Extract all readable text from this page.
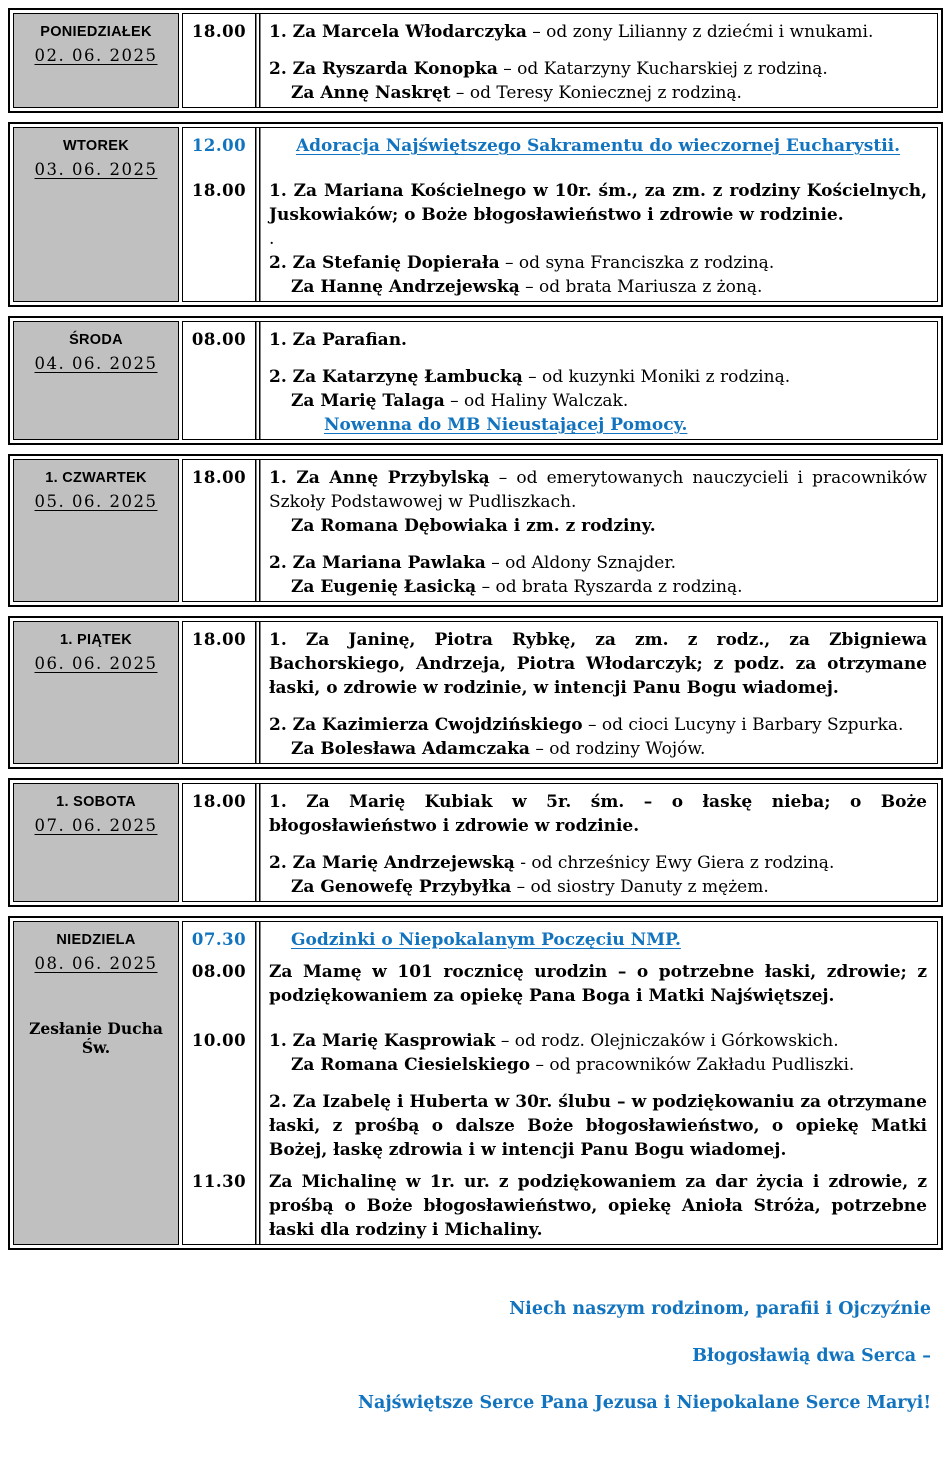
PONIEDZIAŁEK
02. 06. 2025
18.00	1. Za Marcela Włodarczyka – od zony Lilianny z dziećmi i wnukami.

2. Za Ryszarda Konopka – od Katarzyny Kucharskiej z rodziną.

Za Annę Naskręt – od Teresy Koniecznej z rodziną.

WTOREK
03. 06. 2025
12.00	Adoracja Najświętszego Sakramentu do wieczornej Eucharystii.

18.00	1. Za Mariana Kościelnego w 10r. śm., za zm. z rodziny Kościelnych, Juskowiaków; o Boże błogosławieństwo i zdrowie w rodzinie.

.

2. Za Stefanię Dopierała – od syna Franciszka z rodziną.

Za Hannę Andrzejewską – od brata Mariusza z żoną.

ŚRODA
04. 06. 2025
08.00	1. Za Parafian.

2. Za Katarzynę Łambucką – od kuzynki Moniki z rodziną.

Za Marię Talaga – od Haliny Walczak.

Nowenna do MB Nieustającej Pomocy.

1. CZWARTEK
05. 06. 2025
18.00	1. Za Annę Przybylską – od emerytowanych nauczycieli i pracowników Szkoły Podstawowej w Pudliszkach.

Za Romana Dębowiaka i zm. z rodziny.

2. Za Mariana Pawlaka – od Aldony Sznajder.

Za Eugenię Łasicką – od brata Ryszarda z rodziną.

1. PIĄTEK
06. 06. 2025
18.00	1. Za Janinę, Piotra Rybkę, za zm. z rodz., za Zbigniewa Bachorskiego, Andrzeja, Piotra Włodarczyk; z podz. za otrzymane łaski, o zdrowie w rodzinie, w intencji Panu Bogu wiadomej.

2. Za Kazimierza Cwojdzińskiego – od cioci Lucyny i Barbary Szpurka.

Za Bolesława Adamczaka – od rodziny Wojów.

1. SOBOTA
07. 06. 2025
18.00	1. Za Marię Kubiak w 5r. śm. – o łaskę nieba; o Boże błogosławieństwo i zdrowie w rodzinie.

2. Za Marię Andrzejewską - od chrześnicy Ewy Giera z rodziną.

Za Genowefę Przybyłka – od siostry Danuty z mężem.

NIEDZIELA
08. 06. 2025
Zesłanie Ducha Św.
07.30	Godzinki o Niepokalanym Poczęciu NMP.

08.00	Za Mamę w 101 rocznicę urodzin – o potrzebne łaski, zdrowie; z podziękowaniem za opiekę Pana Boga i Matki Najświętszej.

10.00	1. Za Marię Kasprowiak – od rodz. Olejniczaków i Górkowskich.

Za Romana Ciesielskiego – od pracowników Zakładu Pudliszki.

2. Za Izabelę i Huberta w 30r. ślubu – w podziękowaniu za otrzymane łaski, z prośbą o dalsze Boże błogosławieństwo, o opiekę Matki Bożej, łaskę zdrowia i w intencji Panu Bogu wiadomej.

11.30	Za Michalinę w 1r. ur. z podziękowaniem za dar życia i zdrowie, z prośbą o Boże błogosławieństwo, opiekę Anioła Stróża, potrzebne łaski dla rodziny i Michaliny.

Niech naszym rodzinom, parafii i Ojczyźnie
Błogosławią dwa Serca –
Najświętsze Serce Pana Jezusa i Niepokalane Serce Maryi!
